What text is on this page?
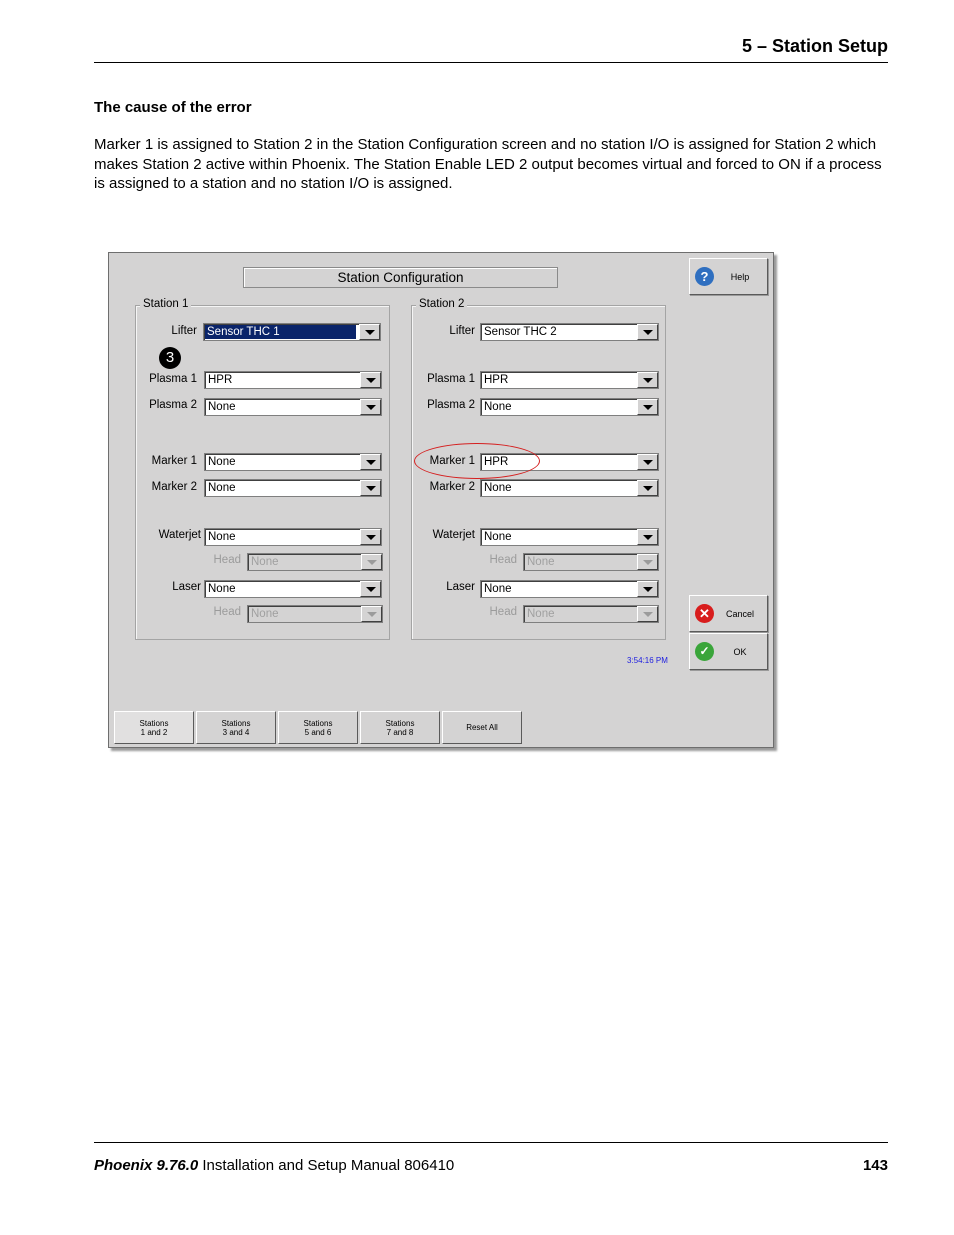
5 – Station Setup
The cause of the error
Marker 1 is assigned to Station 2 in the Station Configuration screen and no station I/O is assigned for Station 2 which makes Station 2 active within Phoenix. The Station Enable LED 2 output becomes virtual and forced to ON if a process is assigned to a station and no station I/O is assigned.
Station Configuration
Station 1
Lifter Sensor THC 1
3
Plasma 1 HPR
Plasma 2 None
Marker 1 None
Marker 2 None
Waterjet None
Head None
Laser None
Head None
Station 2
Lifter Sensor THC 2
Plasma 1 HPR
Plasma 2 None
Marker 1 HPR
Marker 2 None
Waterjet None
Head None
Laser None
Head None
?	Help
✕	Cancel
✓	OK
3:54:16 PM
Stations
1 and 2
Stations
3 and 4
Stations
5 and 6
Stations
7 and 8	Reset All
Phoenix 9.76.0 Installation and Setup Manual 806410	143
